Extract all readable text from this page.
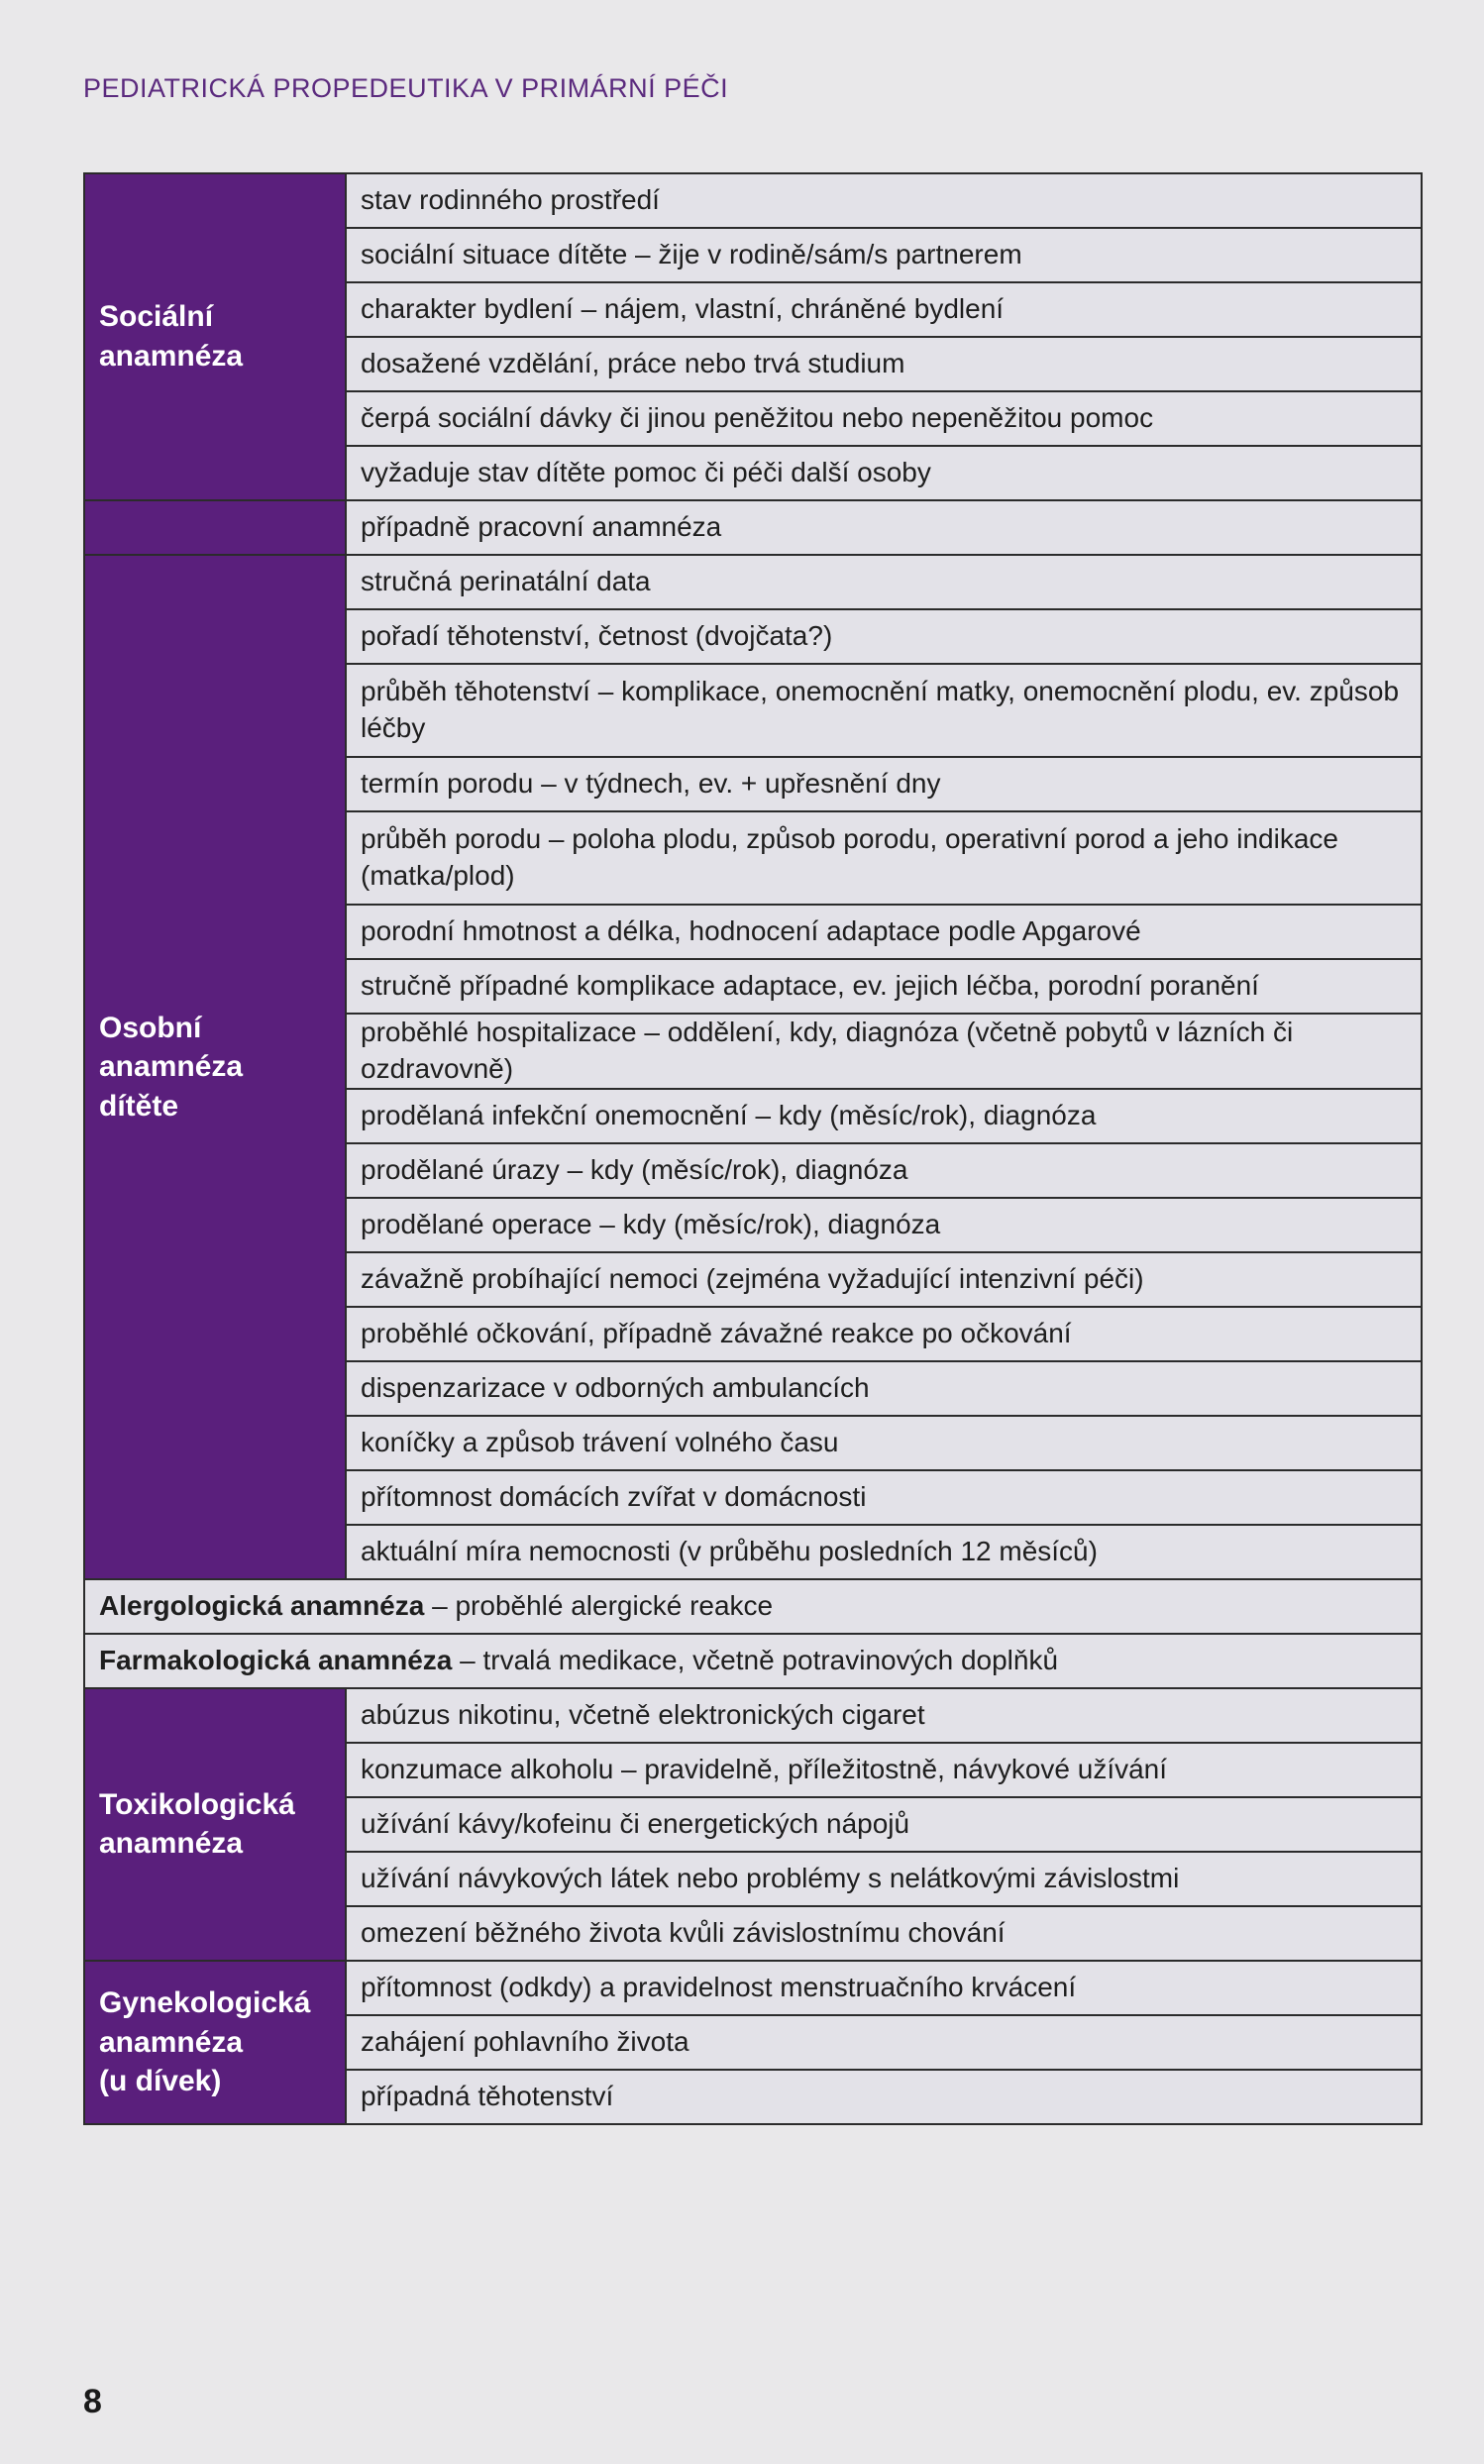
PEDIATRICKÁ PROPEDEUTIKA V PRIMÁRNÍ PÉČI
Sociální
anamnéza	stav rodinného prostředí
	sociální situace dítěte – žije v rodině/sám/s partnerem
	charakter bydlení – nájem, vlastní, chráněné bydlení
	dosažené vzdělání, práce nebo trvá studium
	čerpá sociální dávky či jinou peněžitou nebo nepeněžitou pomoc
	vyžaduje stav dítěte pomoc či péči další osoby
	případně pracovní anamnéza

Osobní
anamnéza
dítěte	stručná perinatální data
	pořadí těhotenství, četnost (dvojčata?)
	průběh těhotenství – komplikace, onemocnění matky, onemocnění plodu, ev. způsob léčby
	termín porodu – v týdnech, ev. + upřesnění dny
	průběh porodu – poloha plodu, způsob porodu, operativní porod a jeho indikace (matka/plod)
	porodní hmotnost a délka, hodnocení adaptace podle Apgarové
	stručně případné komplikace adaptace, ev. jejich léčba, porodní poranění
	proběhlé hospitalizace – oddělení, kdy, diagnóza (včetně pobytů v lázních či ozdravovně)
	prodělaná infekční onemocnění – kdy (měsíc/rok), diagnóza
	prodělané úrazy – kdy (měsíc/rok), diagnóza
	prodělané operace – kdy (měsíc/rok), diagnóza
	závažně probíhající nemoci (zejména vyžadující intenzivní péči)
	proběhlé očkování, případně závažné reakce po očkování
	dispenzarizace v odborných ambulancích
	koníčky a způsob trávení volného času
	přítomnost domácích zvířat v domácnosti
	aktuální míra nemocnosti (v průběhu posledních 12 měsíců)
Alergologická anamnéza – proběhlé alergické reakce	
Farmakologická anamnéza – trvalá medikace, včetně potravinových doplňků	

Toxikologická
anamnéza	abúzus nikotinu, včetně elektronických cigaret
	konzumace alkoholu – pravidelně, příležitostně, návykové užívání
	užívání kávy/kofeinu či energetických nápojů
	užívání návykových látek nebo problémy s nelátkovými závislostmi
	omezení běžného života kvůli závislostnímu chování

Gynekologická
anamnéza
(u dívek)	přítomnost (odkdy) a pravidelnost menstruačního krvácení
	zahájení pohlavního života
	případná těhotenství
8
